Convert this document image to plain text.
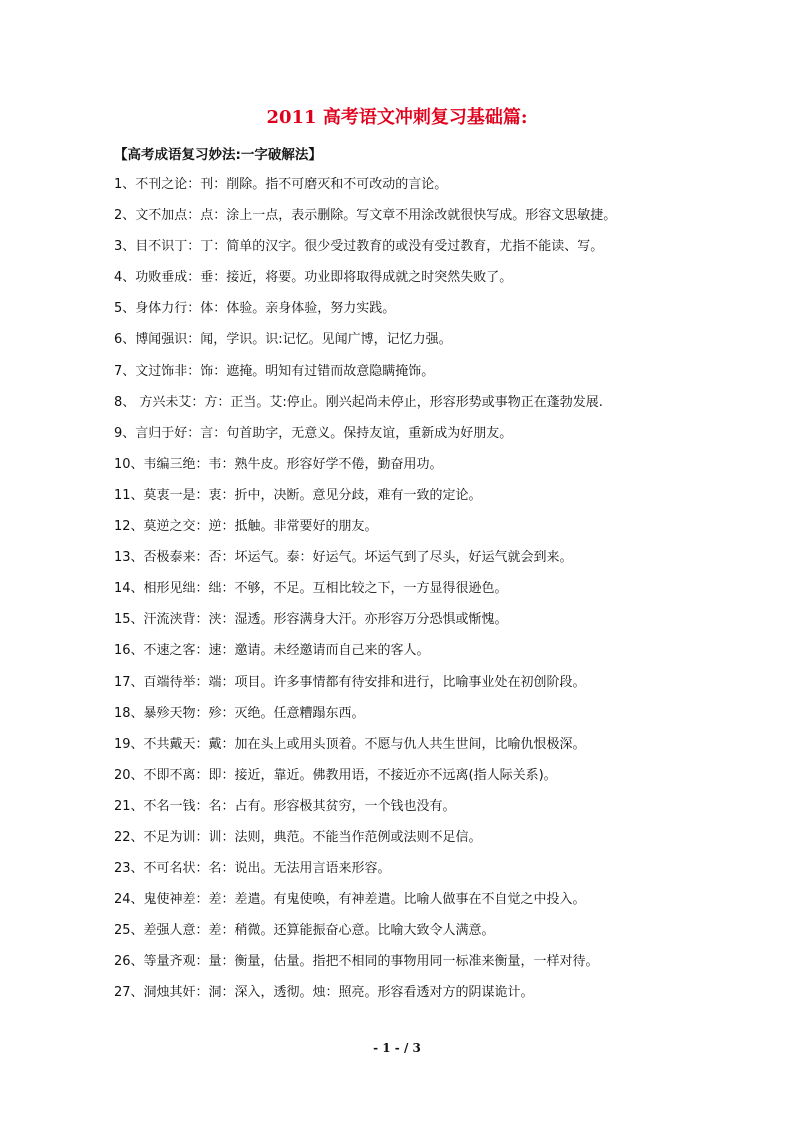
2011 高考语文冲刺复习基础篇:
【高考成语复习妙法:一字破解法】
1、不刊之论：刊：削除。指不可磨灭和不可改动的言论。
2、文不加点：点：涂上一点，表示删除。写文章不用涂改就很快写成。形容文思敏捷。
3、目不识丁：丁：简单的汉字。很少受过教育的或没有受过教育，尤指不能读、写。
4、功败垂成：垂：接近，将要。功业即将取得成就之时突然失败了。
5、身体力行：体：体验。亲身体验，努力实践。
6、博闻强识：闻，学识。识:记忆。见闻广博，记忆力强。
7、文过饰非：饰：遮掩。明知有过错而故意隐瞒掩饰。
8、 方兴未艾：方：正当。艾:停止。刚兴起尚未停止，形容形势或事物正在蓬勃发展.
9、言归于好：言：句首助字，无意义。保持友谊，重新成为好朋友。
10、韦编三绝：韦：熟牛皮。形容好学不倦，勤奋用功。
11、莫衷一是：衷：折中，决断。意见分歧，难有一致的定论。
12、莫逆之交：逆：抵触。非常要好的朋友。
13、否极泰来：否：坏运气。泰：好运气。坏运气到了尽头，好运气就会到来。
14、相形见绌：绌：不够，不足。互相比较之下，一方显得很逊色。
15、汗流浃背：浃：湿透。形容满身大汗。亦形容万分恐惧或惭愧。
16、不速之客：速：邀请。未经邀请而自己来的客人。
17、百端待举：端：项目。许多事情都有待安排和进行，比喻事业处在初创阶段。
18、暴殄天物：殄：灭绝。任意糟蹋东西。
19、不共戴天：戴：加在头上或用头顶着。不愿与仇人共生世间，比喻仇恨极深。
20、不即不离：即：接近，靠近。佛教用语，不接近亦不远离(指人际关系)。
21、不名一钱：名：占有。形容极其贫穷，一个钱也没有。
22、不足为训：训：法则，典范。不能当作范例或法则不足信。
23、不可名状：名：说出。无法用言语来形容。
24、鬼使神差：差：差遣。有鬼使唤，有神差遣。比喻人做事在不自觉之中投入。
25、差强人意：差：稍微。还算能振奋心意。比喻大致令人满意。
26、等量齐观：量：衡量，估量。指把不相同的事物用同一标准来衡量，一样对待。
27、洞烛其奸：洞：深入，透彻。烛：照亮。形容看透对方的阴谋诡计。
- 1 - / 3
